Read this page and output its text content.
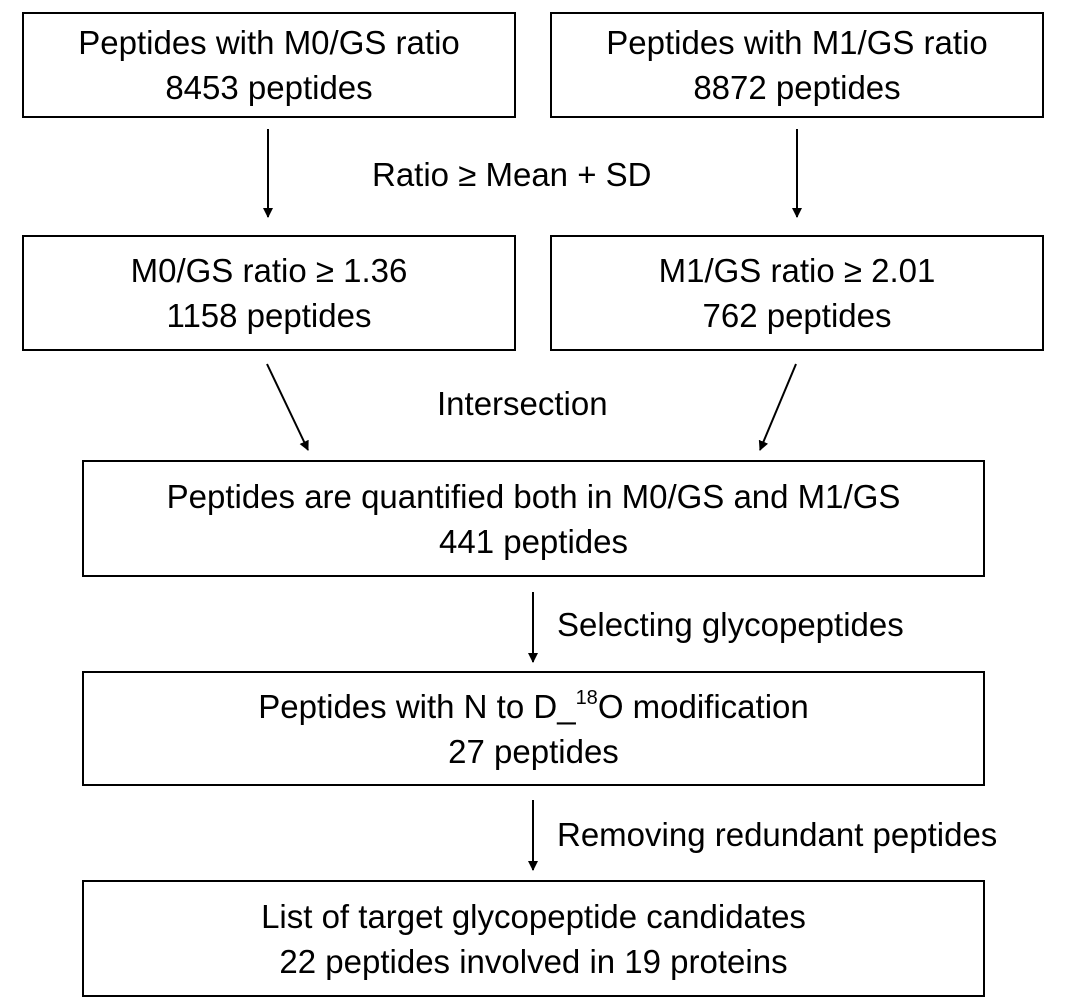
Peptides with M0/GS ratio
8453 peptides
Peptides with M1/GS ratio
8872 peptides
Ratio ≥ Mean + SD
M0/GS ratio ≥ 1.36
1158 peptides
M1/GS ratio ≥ 2.01
762 peptides
Intersection
Peptides are quantified both in M0/GS and M1/GS
441 peptides
Selecting glycopeptides
Peptides with N to D_$^{18}$O modification
27 peptides
Removing redundant peptides
List of target glycopeptide candidates
22 peptides involved in 19 proteins
